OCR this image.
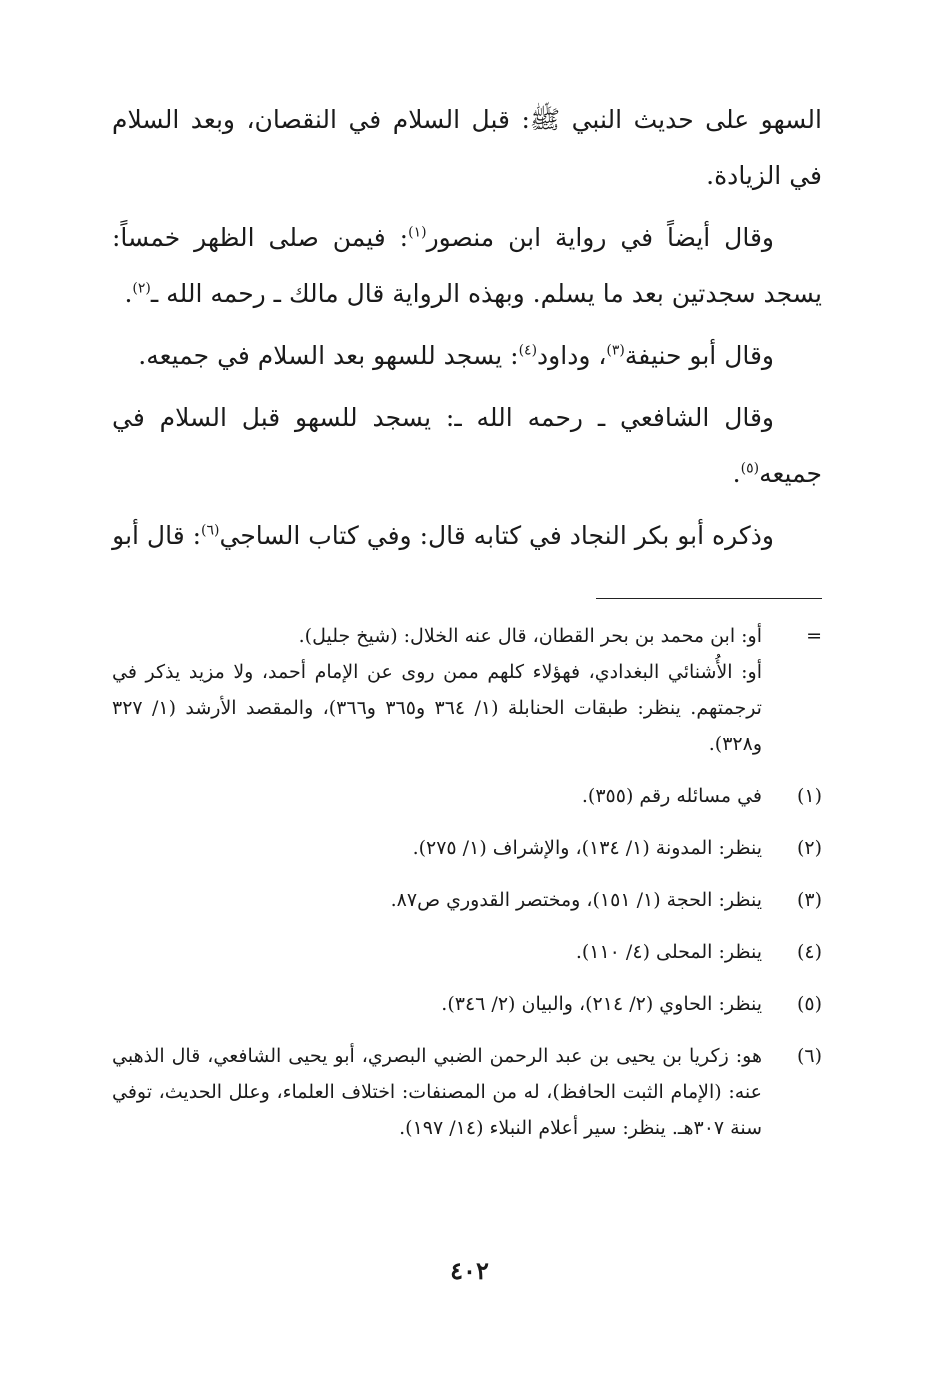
السهو على حديث النبي ﷺ: قبل السلام في النقصان، وبعد السلام في الزيادة.

وقال أيضاً في رواية ابن منصور$^{(١)}$: فيمن صلى الظهر خمساً: يسجد سجدتين بعد ما يسلم. وبهذه الرواية قال مالك ـ رحمه الله ـ$^{(٢)}$.

وقال أبو حنيفة$^{(٣)}$، وداود$^{(٤)}$: يسجد للسهو بعد السلام في جميعه.

وقال الشافعي ـ رحمه الله ـ: يسجد للسهو قبل السلام في جميعه$^{(٥)}$.

وذكره أبو بكر النجاد في كتابه قال: وفي كتاب الساجي$^{(٦)}$: قال أبو

=

أو: ابن محمد بن بحر القطان، قال عنه الخلال: (شيخ جليل).

أو: الأُشنائي البغدادي، فهؤلاء كلهم ممن روى عن الإمام أحمد، ولا مزيد يذكر في ترجمتهم. ينظر: طبقات الحنابلة (١/ ٣٦٤ و٣٦٥ و٣٦٦)، والمقصد الأرشد (١/ ٣٢٧ و٣٢٨).

(١)
في مسائله رقم (٣٥٥).
(٢)
ينظر: المدونة (١/ ١٣٤)، والإشراف (١/ ٢٧٥).
(٣)
ينظر: الحجة (١/ ١٥١)، ومختصر القدوري ص٨٧.
(٤)
ينظر: المحلى (٤/ ١١٠).
(٥)
ينظر: الحاوي (٢/ ٢١٤)، والبيان (٢/ ٣٤٦).
(٦)
هو: زكريا بن يحيى بن عبد الرحمن الضبي البصري، أبو يحيى الشافعي، قال الذهبي عنه: (الإمام الثبت الحافظ)، له من المصنفات: اختلاف العلماء، وعلل الحديث، توفي سنة ٣٠٧هـ. ينظر: سير أعلام النبلاء (١٤/ ١٩٧).
٤٠٢
